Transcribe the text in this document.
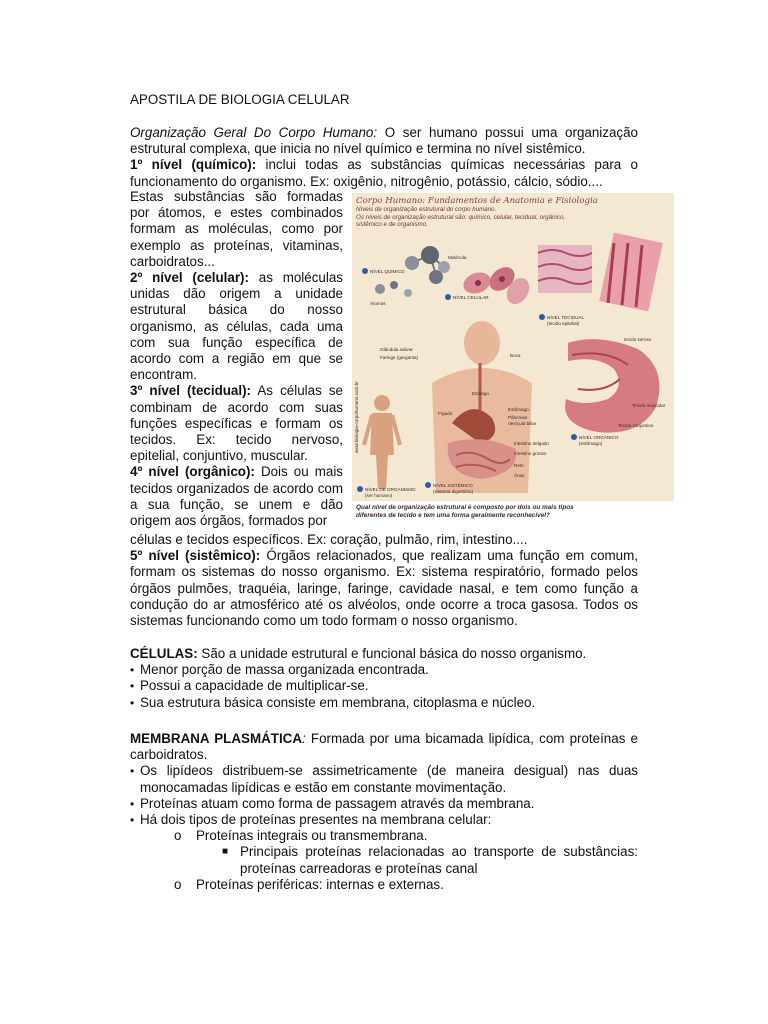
APOSTILA DE BIOLOGIA CELULAR

Organização Geral Do Corpo Humano: O ser humano possui uma organização estrutural complexa, que inicia no nível químico e termina no nível sistêmico.

1º nível (químico): inclui todas as substâncias químicas necessárias para o funcionamento do organismo. Ex: oxigênio, nitrogênio, potássio, cálcio, sódio....

Estas substâncias são formadas por átomos, e estes combinados formam as moléculas, como por exemplo as proteínas, vitaminas, carboidratos...

2º nível (celular): as moléculas unidas dão origem a unidade estrutural básica do nosso organismo, as células, cada uma com sua função específica de acordo com a região em que se encontram.

3º nível (tecidual): As células se combinam de acordo com suas funções específicas e formam os tecidos. Ex: tecido nervoso, epitelial, conjuntivo, muscular.

4º nível (orgânico): Dois ou mais tecidos organizados de acordo com a sua função, se unem e dão origem aos órgãos, formados por

Corpo Humano: Fundamentos de Anatomia e Fisiologia
Níveis de organização estrutural do corpo humano.
Os níveis de organização estrutural são: químico, celular, tecidual, orgânico,
sistêmico e de organismo.
Molécula
Átomos
NÍVEL QUÍMICO
NÍVEL CELULAR
NÍVEL TECIDUAL
(tecido epitelial)
Glândula salivar
Faringe (garganta)	Boca
Esôfago
Fígado
Estômago
Pâncreas
Vesícula biliar
Intestino delgado
Intestino grosso
Reto
Ânus
tecido seroso
Tecido muscular
Tecido conjuntivo
NÍVEL ORGÂNICO
(estômago)
NÍVEL DE ORGANISMO
(ser humano)
NÍVEL SISTÊMICO
(sistema digestório)
www.biologia-corpohumano.com.br
Qual nível de organização estrutural é composto por dois ou mais tipos
diferentes de tecido e tem uma forma geralmente reconhecível?

células e tecidos específicos. Ex: coração, pulmão, rim, intestino....

5º nível (sistêmico): Órgãos relacionados, que realizam uma função em comum, formam os sistemas do nosso organismo. Ex: sistema respiratório, formado pelos órgãos pulmões, traquéia, laringe, faringe, cavidade nasal, e tem como função a condução do ar atmosférico até os alvéolos, onde ocorre a troca gasosa. Todos os sistemas funcionando como um todo formam o nosso organismo.

CÉLULAS: São a unidade estrutural e funcional básica do nosso organismo.

• Menor porção de massa organizada encontrada.
• Possui a capacidade de multiplicar-se.
• Sua estrutura básica consiste em membrana, citoplasma e núcleo.

MEMBRANA PLASMÁTICA: Formada por uma bicamada lipídica, com proteínas e carboidratos.

• Os lipídeos distribuem-se assimetricamente (de maneira desigual) nas duas monocamadas lipídicas e estão em constante movimentação.
• Proteínas atuam como forma de passagem através da membrana.
• Há dois tipos de proteínas presentes na membrana celular:
o	Proteínas integrais ou transmembrana.
■ Principais proteínas relacionadas ao transporte de substâncias: proteínas carreadoras e proteínas canal
o	Proteínas periféricas: internas e externas.
